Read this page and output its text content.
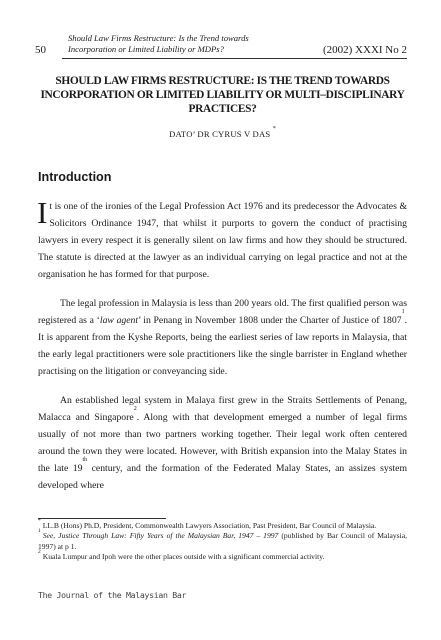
50
Should Law Firms Restructure: Is the Trend towards Incorporation or Limited Liability or MDPs?	(2002) XXXI No 2
SHOULD LAW FIRMS RESTRUCTURE: IS THE TREND TOWARDS INCORPORATION OR LIMITED LIABILITY OR MULTI–DISCIPLINARY PRACTICES?
DATO’ DR CYRUS V DAS *
Introduction

It is one of the ironies of the Legal Profession Act 1976 and its predecessor the Advocates & Solicitors Ordinance 1947, that whilst it purports to govern the conduct of practising lawyers in every respect it is generally silent on law firms and how they should be structured. The statute is directed at the lawyer as an individual carrying on legal practice and not at the organisation he has formed for that purpose.

The legal profession in Malaysia is less than 200 years old. The first qualified person was registered as a ‘law agent’ in Penang in November 1808 under the Charter of Justice of 1807$^1$. It is apparent from the Kyshe Reports, being the earliest series of law reports in Malaysia, that the early legal practitioners were sole practitioners like the single barrister in England whether practising on the litigation or conveyancing side.

An established legal system in Malaya first grew in the Straits Settlements of Penang, Malacca and Singapore$^2$. Along with that development emerged a number of legal firms usually of not more than two partners working together. Their legal work often centered around the town they were located. However, with British expansion into the Malay States in the late 19th century, and the formation of the Federated Malay States, an assizes system developed where

* LL.B (Hons) Ph.D, President, Commonwealth Lawyers Association, Past President, Bar Council of Malaysia.

$^1$ See, Justice Through Law: Fifty Years of the Malaysian Bar, 1947 – 1997 (published by Bar Council of Malaysia, 1997) at p 1.

$^2$ Kuala Lumpur and Ipoh were the other places outside with a significant commercial activity.

The Journal of the Malaysian Bar
